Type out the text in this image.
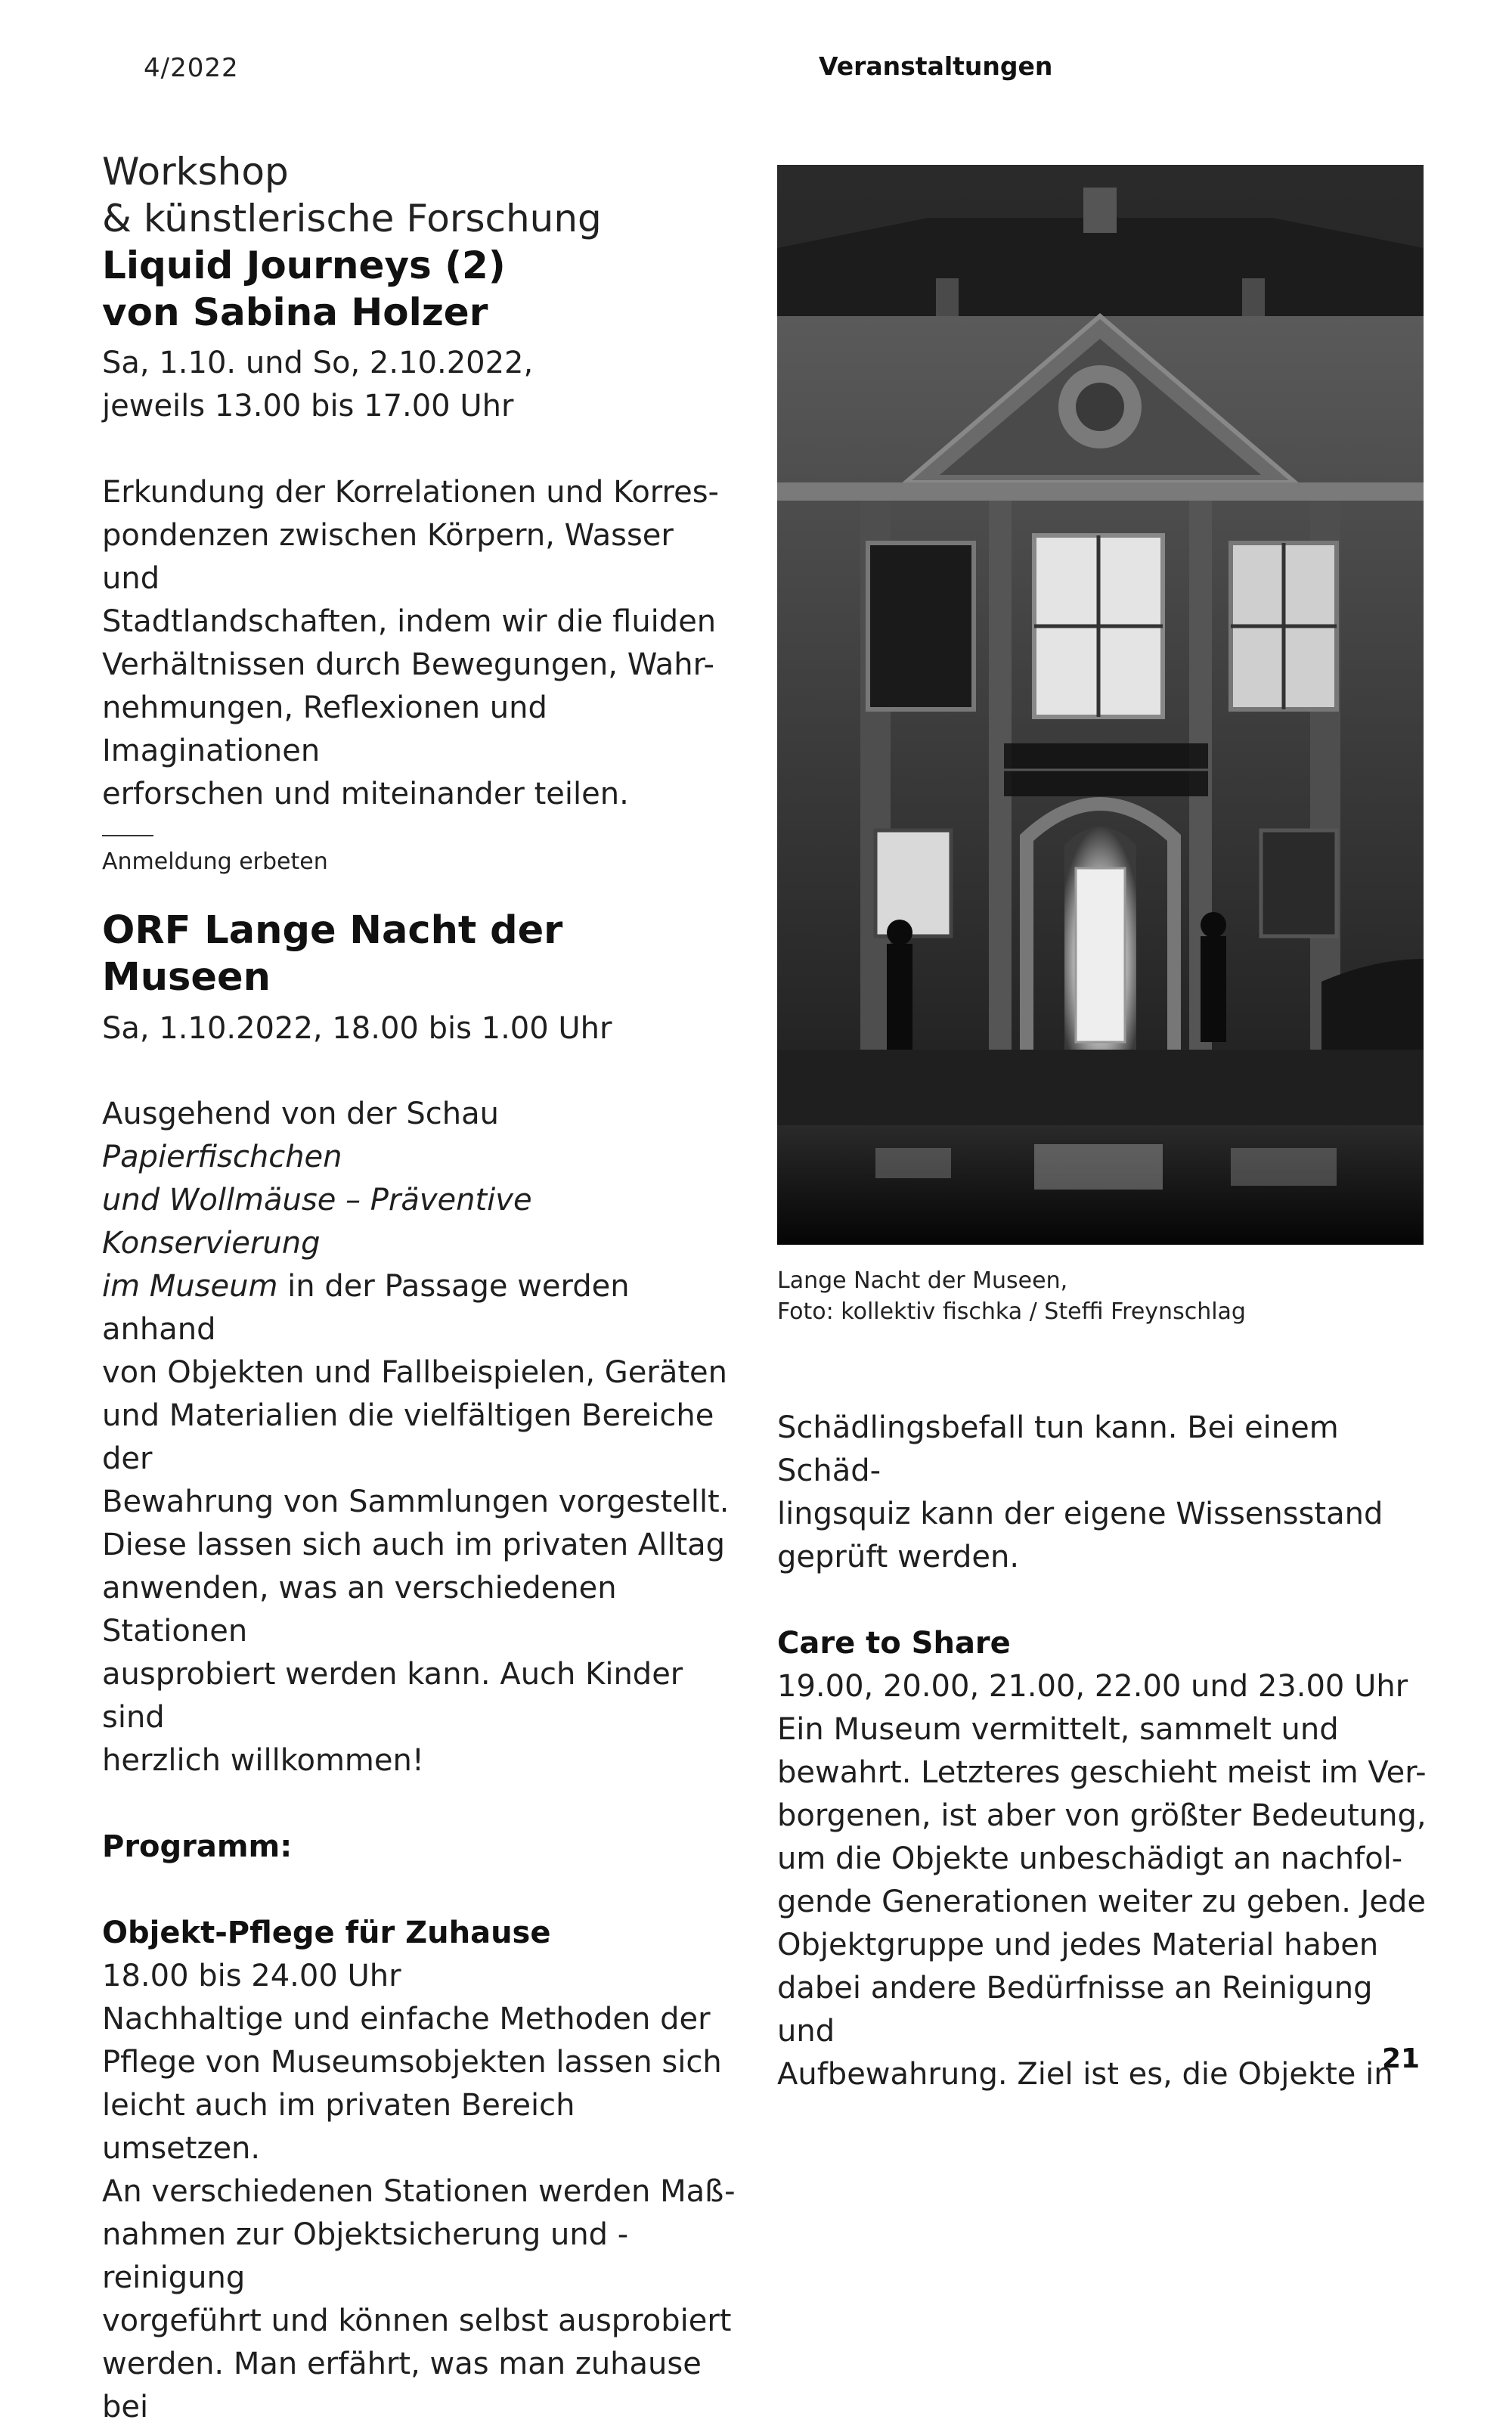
4/2022	Veranstaltungen
Workshop
& künstlerische Forschung
Liquid Journeys (2)
von Sabina Holzer
Sa, 1.10. und So, 2.10.2022,
jeweils 13.00 bis 17.00 Uhr
Erkundung der Korrelationen und Korres-
pondenzen zwischen Körpern, Wasser und
Stadtlandschaften, indem wir die fluiden
Verhältnissen durch Bewegungen, Wahr-
nehmungen, Reflexionen und Imaginationen
erforschen und miteinander teilen.
Anmeldung erbeten
ORF Lange Nacht der Museen
Sa, 1.10.2022, 18.00 bis 1.00 Uhr
Ausgehend von der Schau Papierfischchen
und Wollmäuse – Präventive Konservierung
im Museum in der Passage werden anhand
von Objekten und Fallbeispielen, Geräten
und Materialien die vielfältigen Bereiche der
Bewahrung von Sammlungen vorgestellt.
Diese lassen sich auch im privaten Alltag
anwenden, was an verschiedenen Stationen
ausprobiert werden kann. Auch Kinder sind
herzlich willkommen!
Programm:
Objekt-Pflege für Zuhause
18.00 bis 24.00 Uhr
Nachhaltige und einfache Methoden der
Pflege von Museumsobjekten lassen sich
leicht auch im privaten Bereich umsetzen.
An verschiedenen Stationen werden Maß-
nahmen zur Objektsicherung und -reinigung
vorgeführt und können selbst ausprobiert
werden. Man erfährt, was man zuhause bei
Lange Nacht der Museen,
Foto: kollektiv fischka / Steffi Freynschlag
Schädlingsbefall tun kann. Bei einem Schäd-
lingsquiz kann der eigene Wissensstand
geprüft werden.
Care to Share
19.00, 20.00, 21.00, 22.00 und 23.00 Uhr
Ein Museum vermittelt, sammelt und
bewahrt. Letzteres geschieht meist im Ver-
borgenen, ist aber von größter Bedeutung,
um die Objekte unbeschädigt an nachfol-
gende Generationen weiter zu geben. Jede
Objektgruppe und jedes Material haben
dabei andere Bedürfnisse an Reinigung und
Aufbewahrung. Ziel ist es, die Objekte in
21
